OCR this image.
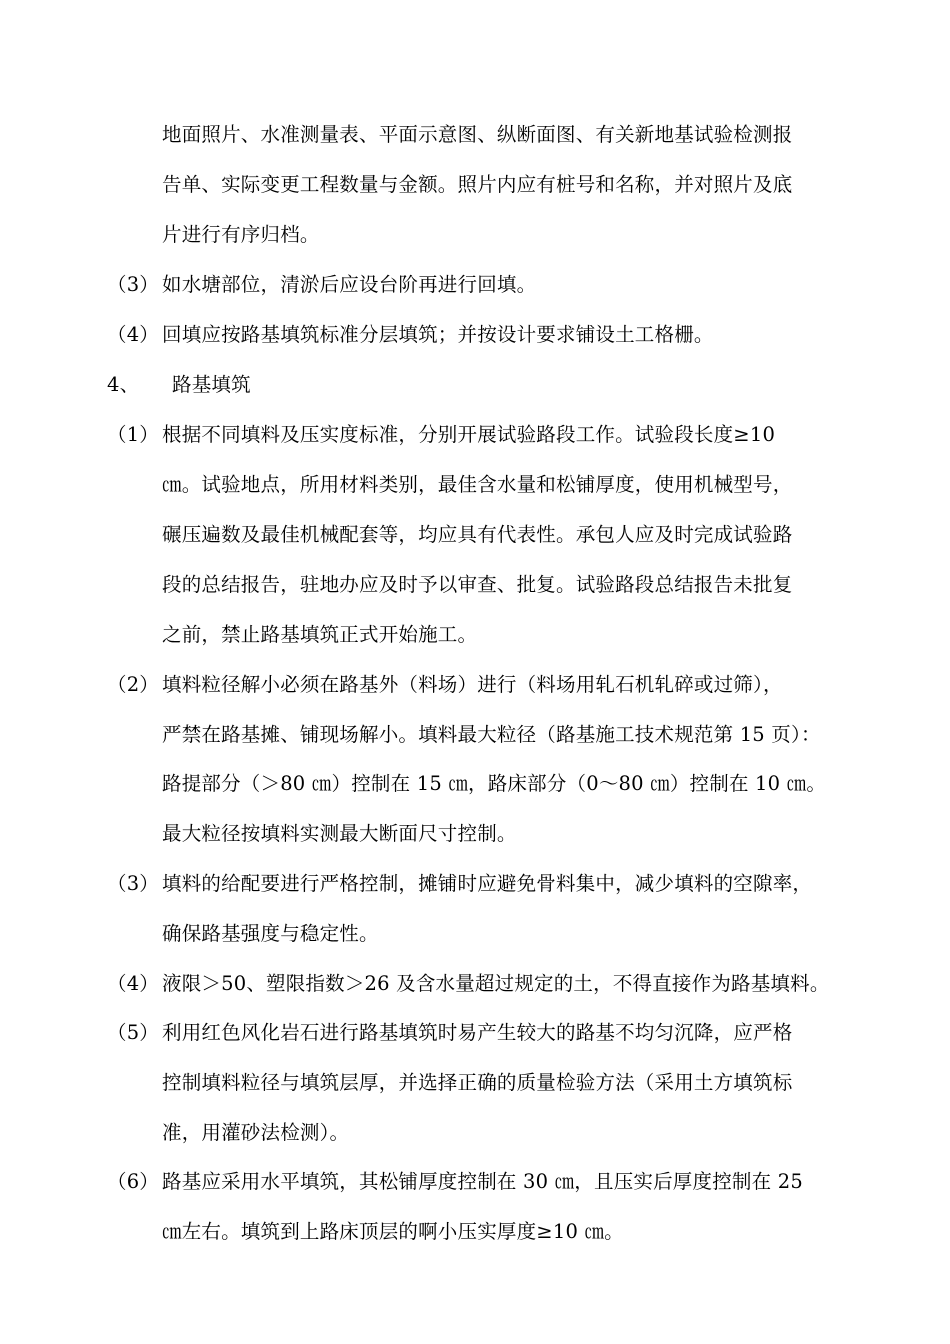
地面照片、水准测量表、平面示意图、纵断面图、有关新地基试验检测报
告单、实际变更工程数量与金额。照片内应有桩号和名称，并对照片及底
片进行有序归档。
（3） 如水塘部位，清淤后应设台阶再进行回填。
（4） 回填应按路基填筑标准分层填筑；并按设计要求铺设土工格栅。
4、 路基填筑
（1） 根据不同填料及压实度标准，分别开展试验路段工作。试验段长度≥10
㎝。试验地点，所用材料类别，最佳含水量和松铺厚度，使用机械型号，
碾压遍数及最佳机械配套等，均应具有代表性。承包人应及时完成试验路
段的总结报告，驻地办应及时予以审查、批复。试验路段总结报告未批复
之前，禁止路基填筑正式开始施工。
（2） 填料粒径解小必须在路基外（料场）进行（料场用轧石机轧碎或过筛），
严禁在路基摊、铺现场解小。填料最大粒径（路基施工技术规范第 15 页）：
路提部分（＞80 ㎝）控制在 15 ㎝，路床部分（0～80 ㎝）控制在 10 ㎝。
最大粒径按填料实测最大断面尺寸控制。
（3） 填料的给配要进行严格控制，摊铺时应避免骨料集中，减少填料的空隙率，
确保路基强度与稳定性。
（4） 液限＞50、塑限指数＞26 及含水量超过规定的土，不得直接作为路基填料。
（5） 利用红色风化岩石进行路基填筑时易产生较大的路基不均匀沉降，应严格
控制填料粒径与填筑层厚，并选择正确的质量检验方法（采用土方填筑标
准，用灌砂法检测）。
（6） 路基应采用水平填筑，其松铺厚度控制在 30 ㎝，且压实后厚度控制在 25
㎝左右。填筑到上路床顶层的啊小压实厚度≥10 ㎝。
